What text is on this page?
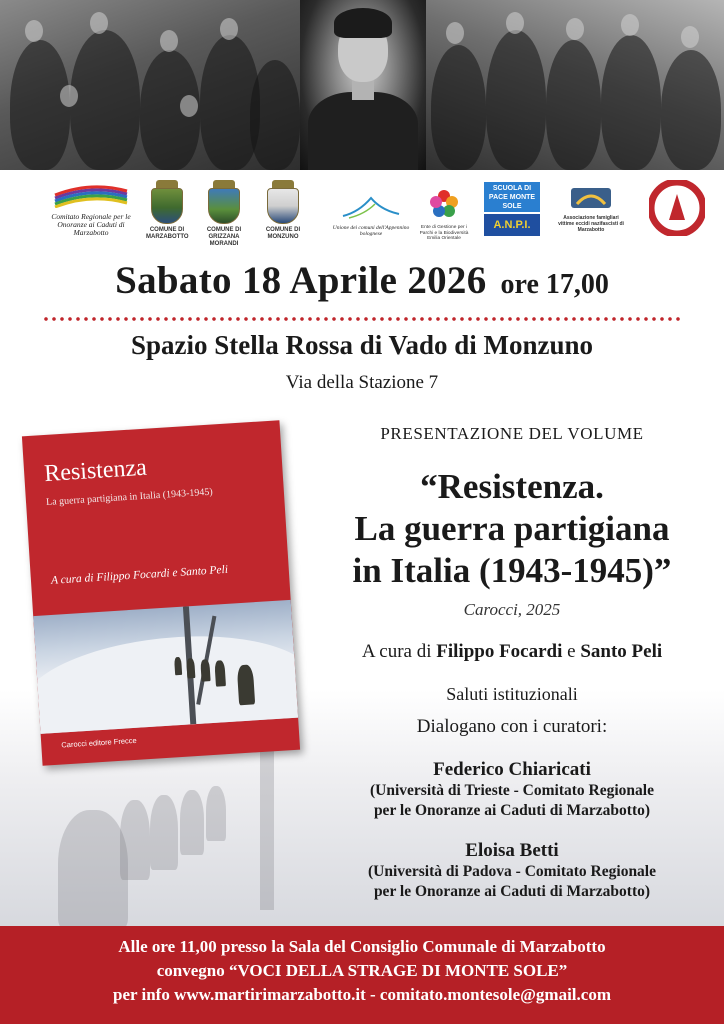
Comitato Regionale per le Onoranze ai Caduti di Marzabotto	COMUNE DI MARZABOTTO
COMUNE DI GRIZZANA MORANDI
COMUNE DI MONZUNO
Unione dei comuni dell'Appennino bolognese
Ente di Gestione per i Parchi e la Biodiversità Emilia Orientale
SCUOLA DI PACE MONTE SOLE
A.N.P.I.
Associazione famigliari vittime eccidi nazifascisti di Marzabotto
Sabato 18 Aprile 2026 ore 17,00
Spazio Stella Rossa di Vado di Monzuno
Via della Stazione 7
Resistenza
La guerra partigiana in Italia (1943-1945)
A cura di Filippo Focardi e Santo Peli
Carocci editore Frecce
PRESENTAZIONE DEL VOLUME
“Resistenza.
La guerra partigiana
in Italia (1943-1945)”
Carocci, 2025
A cura di Filippo Focardi e Santo Peli
Saluti istituzionali
Dialogano con i curatori:
Federico Chiaricati
(Università di Trieste - Comitato Regionale
per le Onoranze ai Caduti di Marzabotto)
Eloisa Betti
(Università di Padova - Comitato Regionale
per le Onoranze ai Caduti di Marzabotto)
Alle ore 11,00 presso la Sala del Consiglio Comunale di Marzabotto
convegno “VOCI DELLA STRAGE DI MONTE SOLE”
per info www.martirimarzabotto.it - comitato.montesole@gmail.com
